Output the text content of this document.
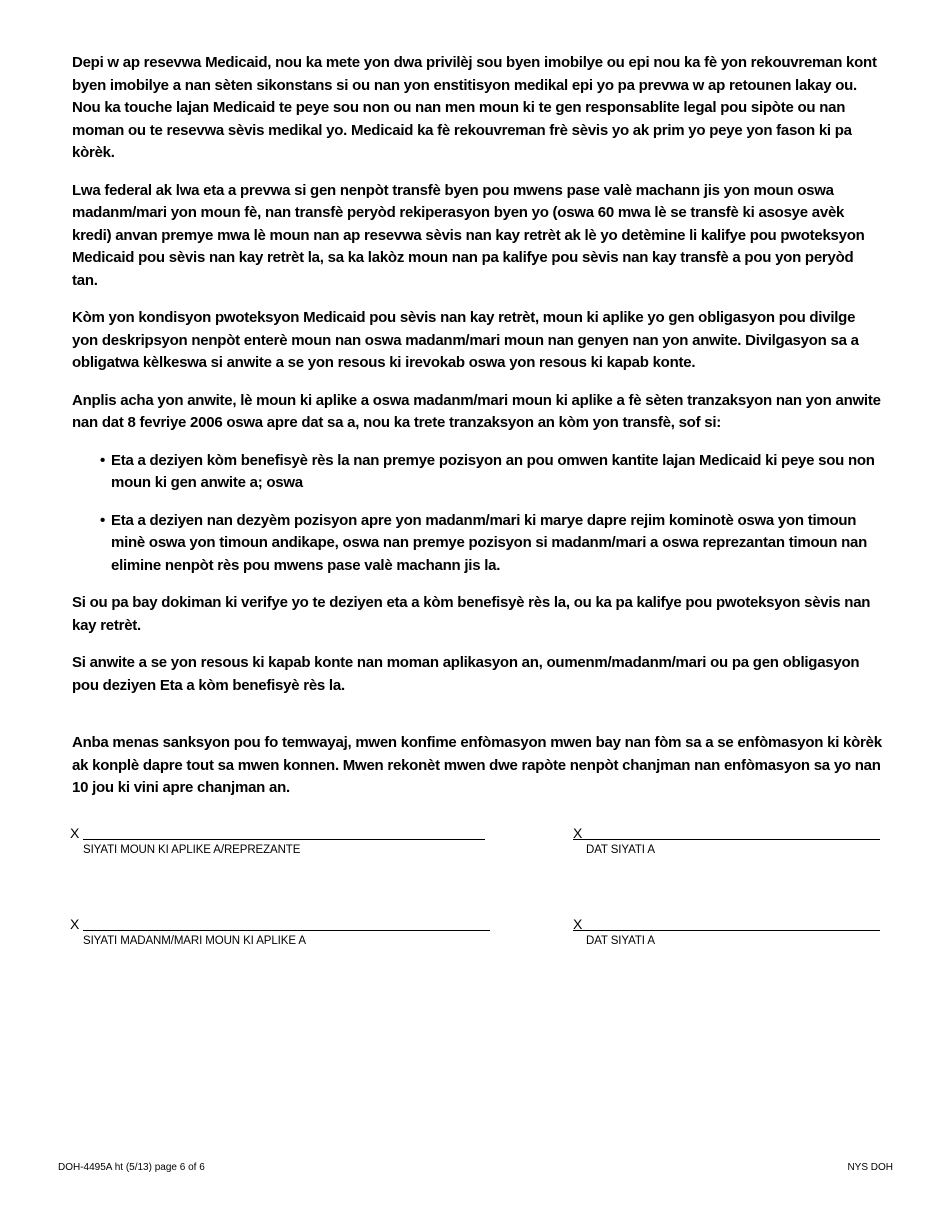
Depi w ap resevwa Medicaid, nou ka mete yon dwa privilèj sou byen imobilye ou epi nou ka fè yon rekouvreman kont byen imobilye a nan sèten sikonstans si ou nan yon enstitisyon medikal epi yo pa prevwa w ap retounen lakay ou. Nou ka touche lajan Medicaid te peye sou non ou nan men moun ki te gen responsablite legal pou sipòte ou nan moman ou te resevwa sèvis medikal yo. Medicaid ka fè rekouvreman frè sèvis yo ak prim yo peye yon fason ki pa kòrèk.

Lwa federal ak lwa eta a prevwa si gen nenpòt transfè byen pou mwens pase valè machann jis yon moun oswa madanm/mari yon moun fè, nan transfè peryòd rekiperasyon byen yo (oswa 60 mwa lè se transfè ki asosye avèk kredi) anvan premye mwa lè moun nan ap resevwa sèvis nan kay retrèt ak lè yo detèmine li kalifye pou pwoteksyon Medicaid pou sèvis nan kay retrèt la, sa ka lakòz moun nan pa kalifye pou sèvis nan kay transfè a pou yon peryòd tan.

Kòm yon kondisyon pwoteksyon Medicaid pou sèvis nan kay retrèt, moun ki aplike yo gen obligasyon pou divilge yon deskripsyon nenpòt enterè moun nan oswa madanm/mari moun nan genyen nan yon anwite. Divilgasyon sa a obligatwa kèlkeswa si anwite a se yon resous ki irevokab oswa yon resous ki kapab konte.

Anplis acha yon anwite, lè moun ki aplike a oswa madanm/mari moun ki aplike a fè sèten tranzaksyon nan yon anwite nan dat 8 fevriye 2006 oswa apre dat sa a, nou ka trete tranzaksyon an kòm yon transfè, sof si:

• Eta a deziyen kòm benefisyè rès la nan premye pozisyon an pou omwen kantite lajan Medicaid ki peye sou non moun ki gen anwite a; oswa
• Eta a deziyen nan dezyèm pozisyon apre yon madanm/mari ki marye dapre rejim kominotè oswa yon timoun minè oswa yon timoun andikape, oswa nan premye pozisyon si madanm/mari a oswa reprezantan timoun nan elimine nenpòt rès pou mwens pase valè machann jis la.

Si ou pa bay dokiman ki verifye yo te deziyen eta a kòm benefisyè rès la, ou ka pa kalifye pou pwoteksyon sèvis nan kay retrèt.

Si anwite a se yon resous ki kapab konte nan moman aplikasyon an, oumenm/madanm/mari ou pa gen obligasyon pou deziyen Eta a kòm benefisyè rès la.

Anba menas sanksyon pou fo temwayaj, mwen konfime enfòmasyon mwen bay nan fòm sa a se enfòmasyon ki kòrèk ak konplè dapre tout sa mwen konnen. Mwen rekonèt mwen dwe rapòte nenpòt chanjman nan enfòmasyon sa yo nan 10 jou ki vini apre chanjman an.

X
SIYATI MOUN KI APLIKE A/REPREZANTE
X
DAT SIYATI A
X
SIYATI MADANM/MARI MOUN KI APLIKE A
X
DAT SIYATI A
DOH-4495A ht (5/13) page 6 of 6	NYS DOH
